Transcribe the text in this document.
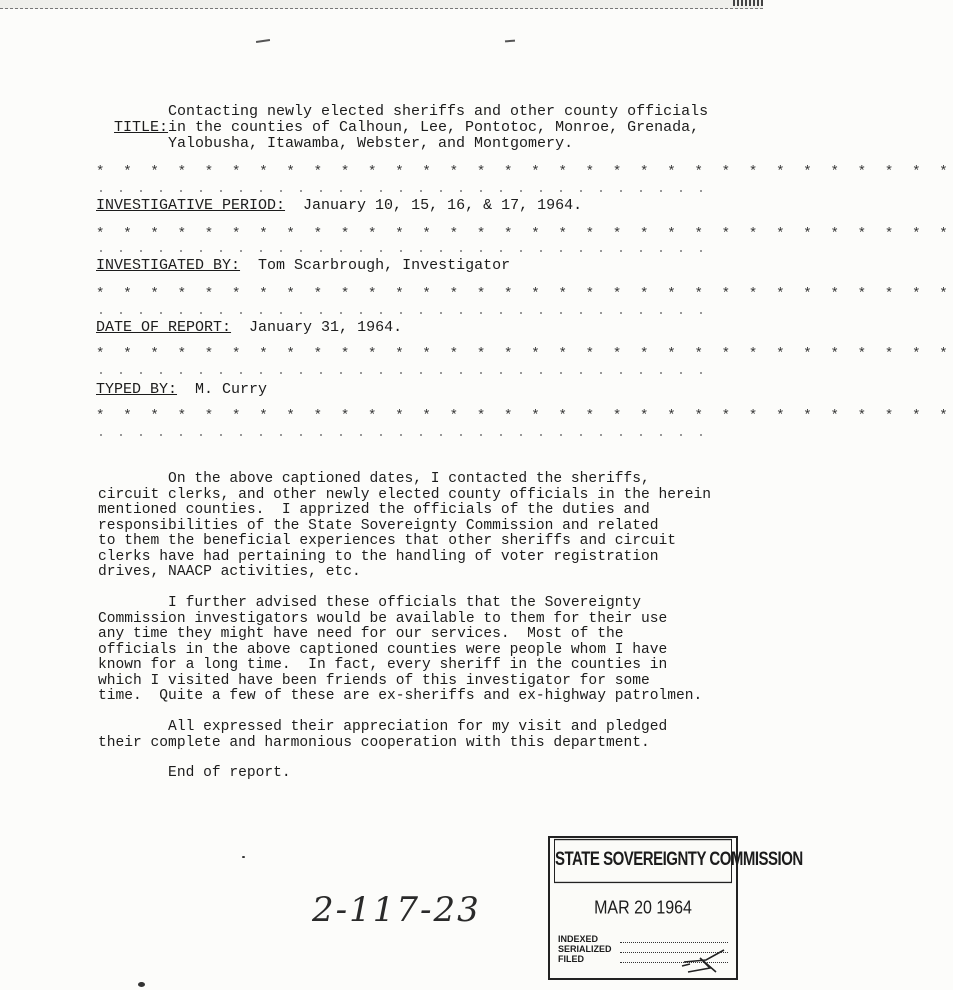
TITLE:

Contacting newly elected sheriffs and other county officials
in the counties of Calhoun, Lee, Pontotoc, Monroe, Grenada,
Yalobusha, Itawamba, Webster, and Montgomery.
* * * * * * * * * * * * * * * * * * * * * * * * * * * * * * * *
INVESTIGATIVE PERIOD: January 10, 15, 16, & 17, 1964.
* * * * * * * * * * * * * * * * * * * * * * * * * * * * * * * *
INVESTIGATED BY: Tom Scarbrough, Investigator
* * * * * * * * * * * * * * * * * * * * * * * * * * * * * * * *
DATE OF REPORT: January 31, 1964.
* * * * * * * * * * * * * * * * * * * * * * * * * * * * * * * *
TYPED BY: M. Curry
* * * * * * * * * * * * * * * * * * * * * * * * * * * * * * * *
On the above captioned dates, I contacted the sheriffs,
circuit clerks, and other newly elected county officials in the herein
mentioned counties.  I apprized the officials of the duties and
responsibilities of the State Sovereignty Commission and related
to them the beneficial experiences that other sheriffs and circuit
clerks have had pertaining to the handling of voter registration
drives, NAACP activities, etc.
I further advised these officials that the Sovereignty
Commission investigators would be available to them for their use
any time they might have need for our services.  Most of the
officials in the above captioned counties were people whom I have
known for a long time.  In fact, every sheriff in the counties in
which I visited have been friends of this investigator for some
time.  Quite a few of these are ex-sheriffs and ex-highway patrolmen.
All expressed their appreciation for my visit and pledged
their complete and harmonious cooperation with this department.
End of report.
2-117-23
STATE SOVEREIGNTY COMMISSION
MAR 20 1964
INDEXED
SERIALIZED
FILED
